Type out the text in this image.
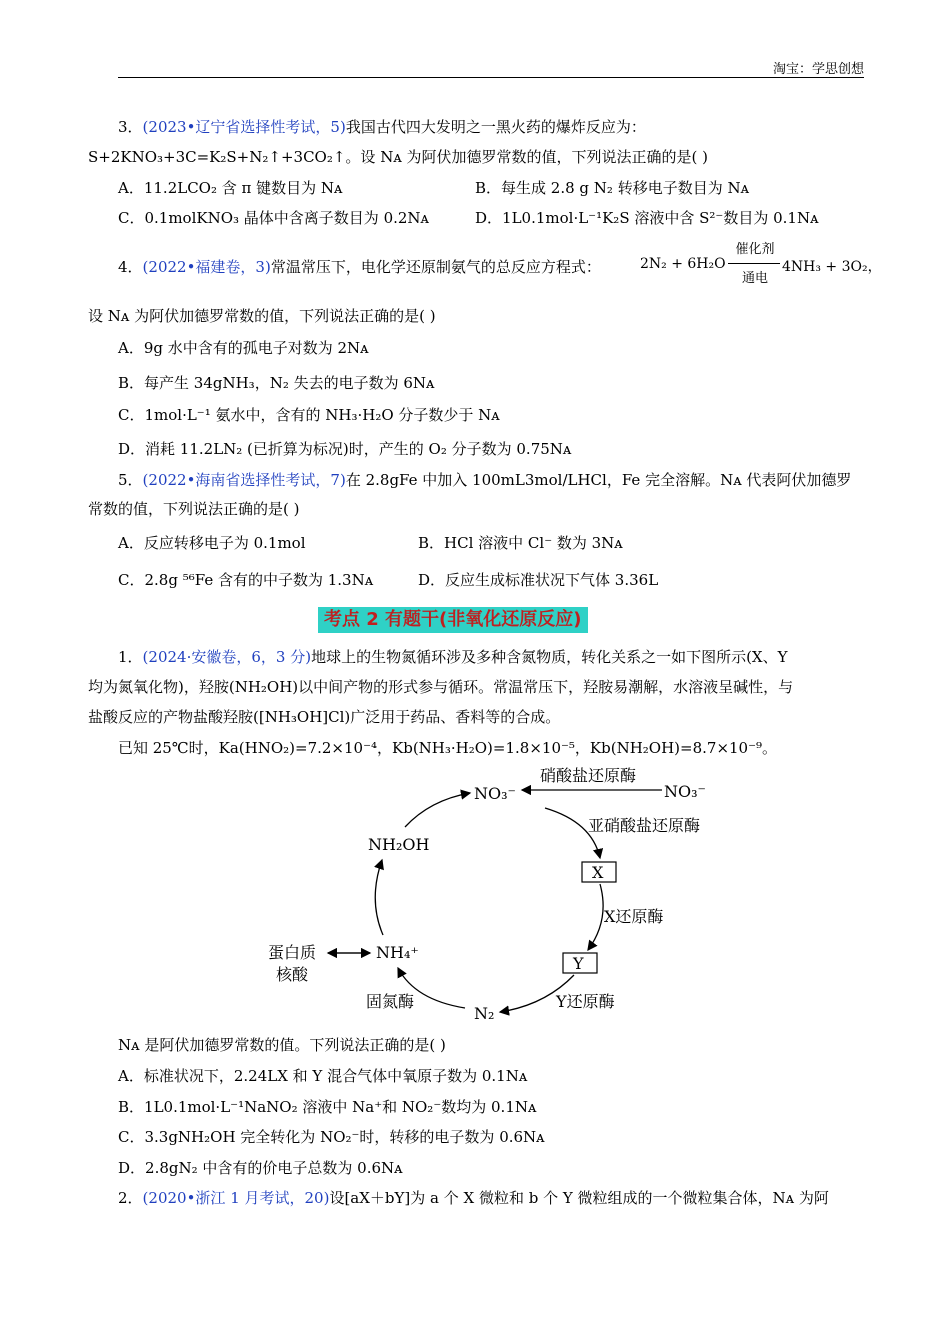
淘宝：学思创想
3．(2023•辽宁省选择性考试，5)我国古代四大发明之一黑火药的爆炸反应为：
S+2KNO₃+3C=K₂S+N₂↑+3CO₂↑。设 Nᴀ 为阿伏加德罗常数的值，下列说法正确的是( )
A．11.2LCO₂ 含 π 键数目为 Nᴀ	B．每生成 2.8 g N₂ 转移电子数目为 Nᴀ
C．0.1molKNO₃ 晶体中含离子数目为 0.2Nᴀ	D．1L0.1mol·L⁻¹K₂S 溶液中含 S²⁻数目为 0.1Nᴀ
4．(2022•福建卷，3)常温常压下，电化学还原制氨气的总反应方程式：	2N₂ + 6H₂O
催化剂
通电
4NH₃ + 3O₂，
设 Nᴀ 为阿伏加德罗常数的值，下列说法正确的是( )
A．9g 水中含有的孤电子对数为 2Nᴀ
B．每产生 34gNH₃，N₂ 失去的电子数为 6Nᴀ
C．1mol·L⁻¹ 氨水中，含有的 NH₃·H₂O 分子数少于 Nᴀ
D．消耗 11.2LN₂ (已折算为标况)时，产生的 O₂ 分子数为 0.75Nᴀ
5．(2022•海南省选择性考试，7)在 2.8gFe 中加入 100mL3mol/LHCl，Fe 完全溶解。Nᴀ 代表阿伏加德罗
常数的值，下列说法正确的是( )
A．反应转移电子为 0.1mol	B．HCl 溶液中 Cl⁻ 数为 3Nᴀ
C．2.8g ⁵⁶Fe 含有的中子数为 1.3Nᴀ	D．反应生成标准状况下气体 3.36L
考点 2 有题干(非氧化还原反应)
1．(2024·安徽卷，6，3 分)地球上的生物氮循环涉及多种含氮物质，转化关系之一如下图所示(X、Y
均为氮氧化物)，羟胺(NH₂OH)以中间产物的形式参与循环。常温常压下，羟胺易潮解，水溶液呈碱性，与
盐酸反应的产物盐酸羟胺([NH₃OH]Cl)广泛用于药品、香料等的合成。
已知 25℃时，Ka(HNO₂)=7.2×10⁻⁴，Kb(NH₃·H₂O)=1.8×10⁻⁵，Kb(NH₂OH)=8.7×10⁻⁹。
NO₃⁻	NO₃⁻
硝酸盐还原酶
亚硝酸盐还原酶
X
X还原酶
Y
Y还原酶
N₂
固氮酶
NH₄⁺
蛋白质
核酸
NH₂OH
Nᴀ 是阿伏加德罗常数的值。下列说法正确的是( )
A．标准状况下，2.24LX 和 Y 混合气体中氧原子数为 0.1Nᴀ
B．1L0.1mol·L⁻¹NaNO₂ 溶液中 Na⁺和 NO₂⁻数均为 0.1Nᴀ
C．3.3gNH₂OH 完全转化为 NO₂⁻时，转移的电子数为 0.6Nᴀ
D．2.8gN₂ 中含有的价电子总数为 0.6Nᴀ
2．(2020•浙江 1 月考试，20)设[aX＋bY]为 a 个 X 微粒和 b 个 Y 微粒组成的一个微粒集合体，Nᴀ 为阿
